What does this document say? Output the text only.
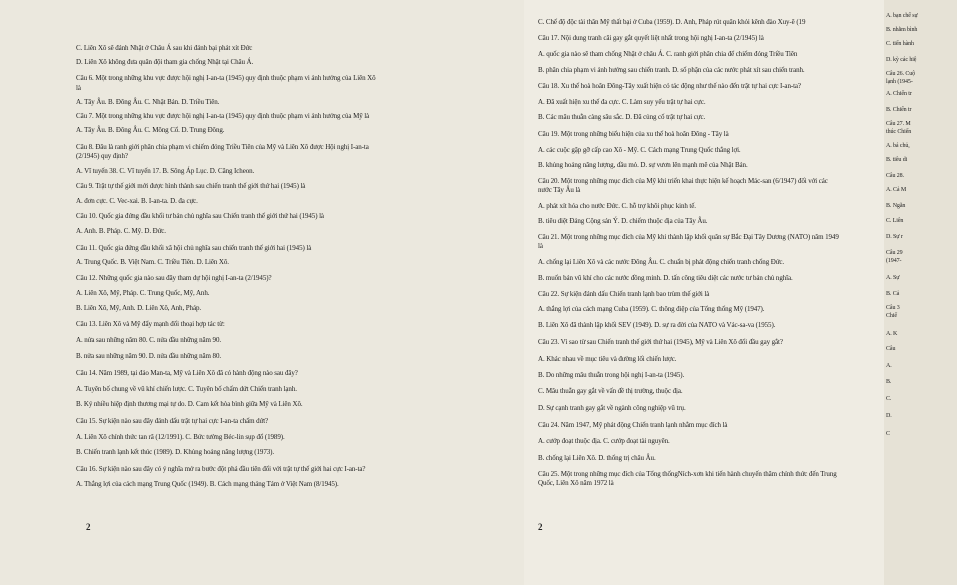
C. Liên Xô sẽ đánh Nhật ở Châu Á sau khi đánh bại phát xít Đức
D. Liên Xô không đưa quân đội tham gia chống Nhật tại Châu Á.
Câu 6. Một trong những khu vực được hội nghị I-an-ta (1945) quy định thuộc phạm vi ảnh hưởng của Liên Xô
là
A. Tây Âu. B. Đông Âu. C. Nhật Bản. D. Triều Tiên.
Câu 7. Một trong những khu vực được hội nghị I-an-ta (1945) quy định thuộc phạm vi ảnh hưởng của Mỹ là
A. Tây Âu. B. Đông Âu. C. Mông Cổ. D. Trung Đông.
Câu 8. Đâu là ranh giới phân chia phạm vi chiếm đóng Triều Tiên của Mỹ và Liên Xô được Hội nghị I-an-ta
(2/1945) quy định?
A. Vĩ tuyến 38. C. Vĩ tuyến 17. B. Sông Áp Lục. D. Căng Icheon.
Câu 9. Trật tự thế giới mới được hình thành sau chiến tranh thế giới thứ hai (1945) là
A. đơn cực. C. Vec-xai. B. I-an-ta. D. đa cực.
Câu 10. Quốc gia đứng đầu khối tư bản chủ nghĩa sau Chiến tranh thế giới thứ hai (1945) là
A. Anh. B. Pháp. C. Mỹ. D. Đức.
Câu 11. Quốc gia đứng đầu khối xã hội chủ nghĩa sau chiến tranh thế giới hai (1945) là
A. Trung Quốc. B. Việt Nam. C. Triều Tiên. D. Liên Xô.
Câu 12. Những quốc gia nào sau đây tham dự hội nghị I-an-ta (2/1945)?
A. Liên Xô, Mỹ, Pháp. C. Trung Quốc, Mỹ, Anh.
B. Liên Xô, Mỹ, Anh. D. Liên Xô, Anh, Pháp.
Câu 13. Liên Xô và Mỹ đẩy mạnh đối thoại hợp tác từ:
A. nửa sau những năm 80. C. nửa đầu những năm 90.
B. nửa sau những năm 90. D. nửa đầu những năm 80.
Câu 14. Năm 1989, tại đảo Man-ta, Mỹ và Liên Xô đã có hành động nào sau đây?
A. Tuyên bố chung về vũ khí chiến lược. C. Tuyên bố chấm dứt Chiến tranh lạnh.
B. Ký nhiều hiệp định thương mại tự do. D. Cam kết hòa bình giữa Mỹ và Liên Xô.
Câu 15. Sự kiện nào sau đây đánh dấu trật tự hai cực I-an-ta chấm dứt?
A. Liên Xô chính thức tan rã (12/1991). C. Bức tường Béc-lin sụp đổ (1989).
B. Chiến tranh lạnh kết thúc (1989). D. Khủng hoảng năng lượng (1973).
Câu 16. Sự kiện nào sau đây có ý nghĩa mở ra bước đột phá đầu tiên đối với trật tự thế giới hai cực I-an-ta?
A. Thắng lợi của cách mạng Trung Quốc (1949). B. Cách mạng tháng Tám ở Việt Nam (8/1945).
2
C. Chế độ độc tài thân Mỹ thất bại ở Cuba (1959). D. Anh, Pháp rút quân khỏi kênh đào Xuy-ê (19
Câu 17. Nội dung tranh cãi gay gắt quyết liệt nhất trong hội nghị I-an-ta (2/1945) là
A. quốc gia nào sẽ tham chống Nhật ở châu Á. C. ranh giới phân chia để chiếm đóng Triều Tiên
B. phân chia phạm vi ảnh hưởng sau chiến tranh. D. số phận của các nước phát xít sau chiến tranh.
Câu 18. Xu thế hoà hoãn Đông-Tây xuất hiện có tác động như thế nào đến trật tự hai cực I-an-ta?
A. Đã xuất hiện xu thế đa cực. C. Làm suy yếu trật tự hai cực.
B. Các mâu thuẫn càng sâu sắc. D. Đã củng cố trật tự hai cực.
Câu 19. Một trong những biểu hiện của xu thế hoà hoãn Đông - Tây là
A. các cuộc gặp gỡ cấp cao Xô - Mỹ. C. Cách mạng Trung Quốc thắng lợi.
B. khủng hoảng năng lượng, dầu mỏ. D. sự vươn lên mạnh mẽ của Nhật Bản.
Câu 20. Một trong những mục đích của Mỹ khi triển khai thực hiện kế hoạch Mác-san (6/1947) đối với các
nước Tây Âu là
A. phát xít hóa cho nước Đức. C. hỗ trợ khôi phục kinh tế.
B. tiêu diệt Đảng Cộng sản Ý. D. chiếm thuộc địa của Tây Âu.
Câu 21. Một trong những mục đích của Mỹ khi thành lập khối quân sự Bắc Đại Tây Dương (NATO) năm 1949
là
A. chống lại Liên Xô và các nước Đông Âu. C. chuẩn bị phát động chiến tranh chống Đức.
B. muốn bán vũ khí cho các nước đồng minh. D. tấn công tiêu diệt các nước tư bản chủ nghĩa.
Câu 22. Sự kiện đánh dấu Chiến tranh lạnh bao trùm thế giới là
A. thắng lợi của cách mạng Cuba (1959). C. thông điệp của Tổng thống Mỹ (1947).
B. Liên Xô đã thành lập khối SEV (1949). D. sự ra đời của NATO và Vác-sa-va (1955).
Câu 23. Vì sao từ sau Chiến tranh thế giới thứ hai (1945), Mỹ và Liên Xô đối đầu gay gắt?
A. Khác nhau về mục tiêu và đường lối chiến lược.
B. Do những mâu thuẫn trong hội nghị I-an-ta (1945).
C. Mâu thuẫn gay gắt về vấn đề thị trường, thuộc địa.
D. Sự cạnh tranh gay gắt về ngành công nghiệp vũ trụ.
Câu 24. Năm 1947, Mỹ phát động Chiến tranh lạnh nhằm mục đích là
A. cướp đoạt thuộc địa. C. cướp đoạt tài nguyên.
B. chống lại Liên Xô. D. thống trị châu Âu.
Câu 25. Một trong những mục đích của Tổng thốngNích-xơn khi tiến hành chuyến thăm chính thức đến Trung
Quốc, Liên Xô năm 1972 là
2
A. bạn chế sự
B. nhằm bình
C. tiến hành
D. kỳ các hiệ
Câu 26. Cuộ
lạnh (1945-
A. Chiến tr
B. Chiến tr
Câu 27. M
thúc Chiến
A. bá chủ,
B. tiêu di
Câu 28.
A. Cả M
B. Ngăn
C. Liên
D. Sự r
Câu 29
(1947-
A. Sự
B. Cả
Câu 3
Chiế
A. K
Câu
A.
B.
C.
D.
C
